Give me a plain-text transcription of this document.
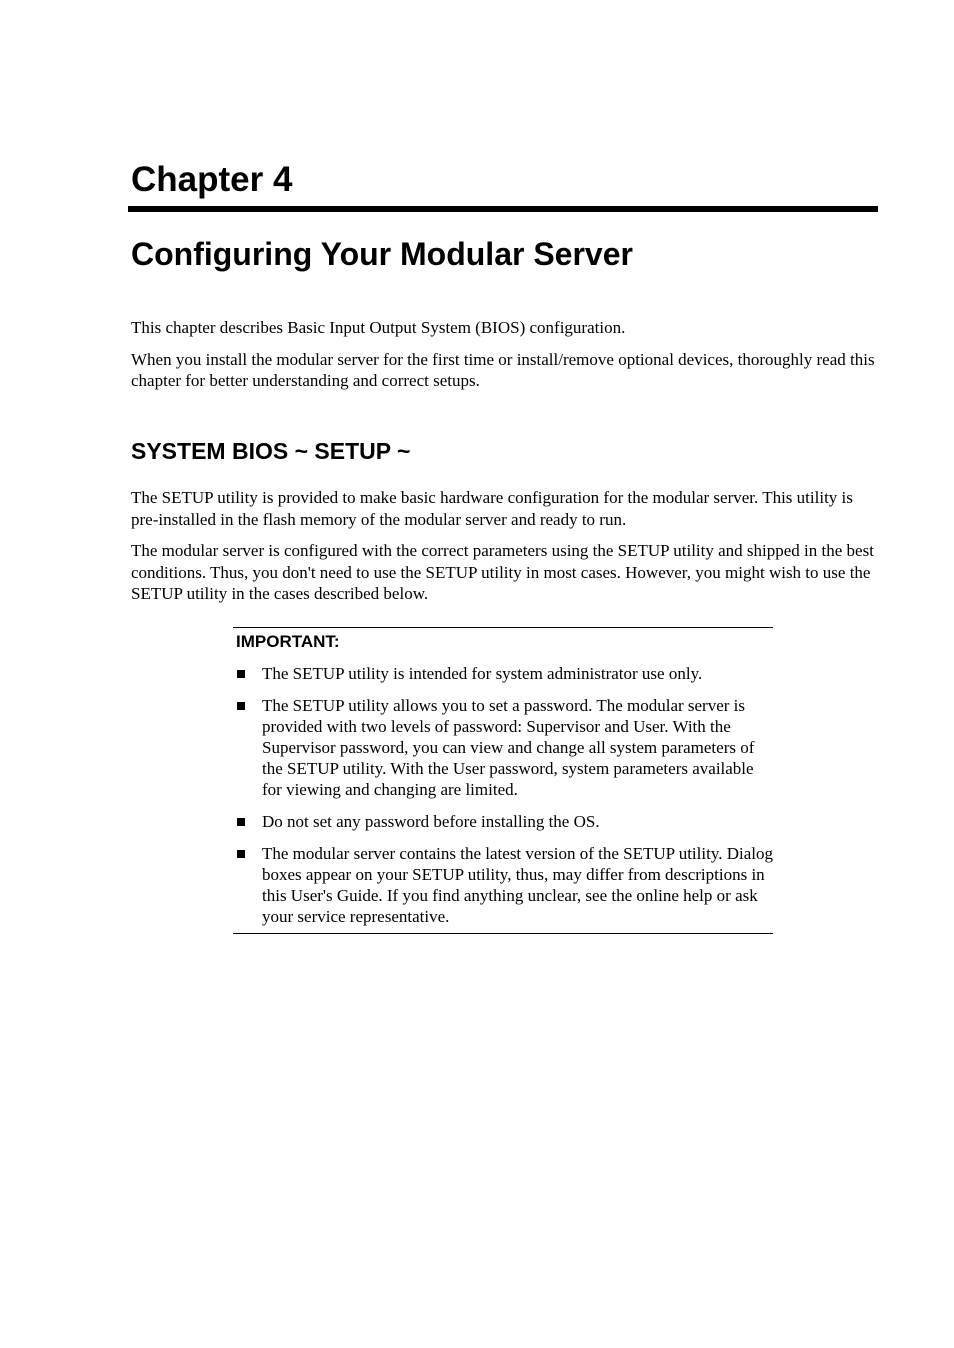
Chapter 4
Configuring Your Modular Server

This chapter describes Basic Input Output System (BIOS) configuration.

When you install the modular server for the first time or install/remove optional devices, thoroughly read this chapter for better understanding and correct setups.

SYSTEM BIOS ~ SETUP ~

The SETUP utility is provided to make basic hardware configuration for the modular server. This utility is pre-installed in the flash memory of the modular server and ready to run.

The modular server is configured with the correct parameters using the SETUP utility and shipped in the best conditions. Thus, you don't need to use the SETUP utility in most cases. However, you might wish to use the SETUP utility in the cases described below.

IMPORTANT:

The SETUP utility is intended for system administrator use only.
The SETUP utility allows you to set a password. The modular server is provided with two levels of password: Supervisor and User. With the Supervisor password, you can view and change all system parameters of the SETUP utility. With the User password, system parameters available for viewing and changing are limited.
Do not set any password before installing the OS.
The modular server contains the latest version of the SETUP utility. Dialog boxes appear on your SETUP utility, thus, may differ from descriptions in this User's Guide. If you find anything unclear, see the online help or ask your service representative.
